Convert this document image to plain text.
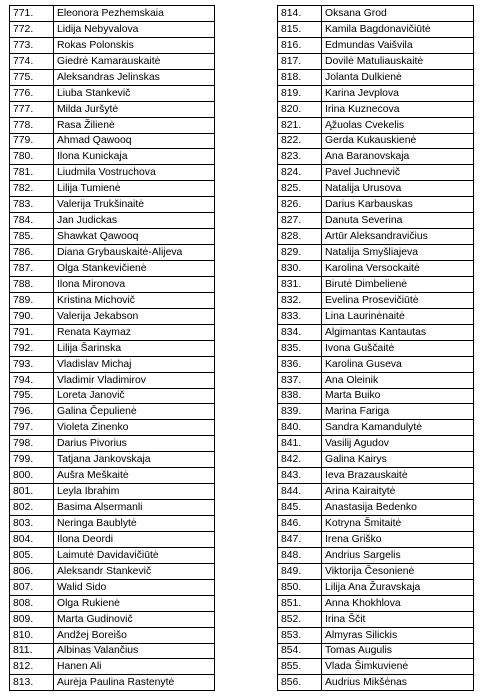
771.	Eleonora Pezhemskaia
772.	Lidija Nebyvalova
773.	Rokas Polonskis
774.	Giedrė Kamarauskaitė
775.	Aleksandras Jelinskas
776.	Liuba Stankevič
777.	Milda Juršytė
778.	Rasa Žilienė
779.	Ahmad Qawooq
780.	Ilona Kunickaja
781.	Liudmila Vostruchova
782.	Lilija Tumienė
783.	Valerija Trukšinaitė
784.	Jan Judickas
785.	Shawkat Qawooq
786.	Diana Grybauskaitė-Alijeva
787.	Olga Stankevičienė
788.	Ilona Mironova
789.	Kristina Michovič
790.	Valerija Jekabson
791.	Renata Kaymaz
792.	Lilija Šarinska
793.	Vladislav Michaj
794.	Vladimir Vladimirov
795.	Loreta Janovič
796.	Galina Čepulienė
797.	Violeta Zinenko
798.	Darius Pivorius
799.	Tatjana Jankovskaja
800.	Aušra Meškaitė
801.	Leyla Ibrahim
802.	Basima Alsermanli
803.	Neringa Baublytė
804.	Ilona Deordi
805.	Laimutė Davidavičiūtė
806.	Aleksandr Stankevič
807.	Walid Sido
808.	Olga Rukienė
809.	Marta Gudinovič
810.	Andžej Boreišo
811.	Albinas Valančius
812.	Hanen Ali
813.	Aurėja Paulina Rastenytė
814.	Oksana Grod
815.	Kamila Bagdonavičiūtė
816.	Edmundas Vaišvila
817.	Dovilė Matuliauskaitė
818.	Jolanta Dulkienė
819.	Karina Jevplova
820.	Irina Kuznecova
821.	Ąžuolas Cvekelis
822.	Gerda Kukauskienė
823.	Ana Baranovskaja
824.	Pavel Juchnevič
825.	Natalija Urusova
826.	Darius Karbauskas
827.	Danuta Severina
828.	Artūr Aleksandravičius
829.	Natalija Smyšliajeva
830.	Karolina Versockaitė
831.	Birutė Dimbelienė
832.	Evelina Prosevičiūtė
833.	Lina Laurinėnaitė
834.	Algimantas Kantautas
835.	Ivona Guščaitė
836.	Karolina Guseva
837.	Ana Oleinik
838.	Marta Buiko
839.	Marina Fariga
840.	Sandra Kamandulytė
841.	Vasilij Agudov
842.	Galina Kairys
843.	Ieva Brazauskaitė
844.	Arina Kairaitytė
845.	Anastasija Bedenko
846.	Kotryna Šmitaitė
847.	Irena Griško
848.	Andrius Sargelis
849.	Viktorija Česonienė
850.	Lilija Ana Žuravskaja
851.	Anna Khokhlova
852.	Irina Ščit
853.	Almyras Silickis
854.	Tomas Augulis
855.	Vlada Šimkuvienė
856.	Audrius Mikšėnas
